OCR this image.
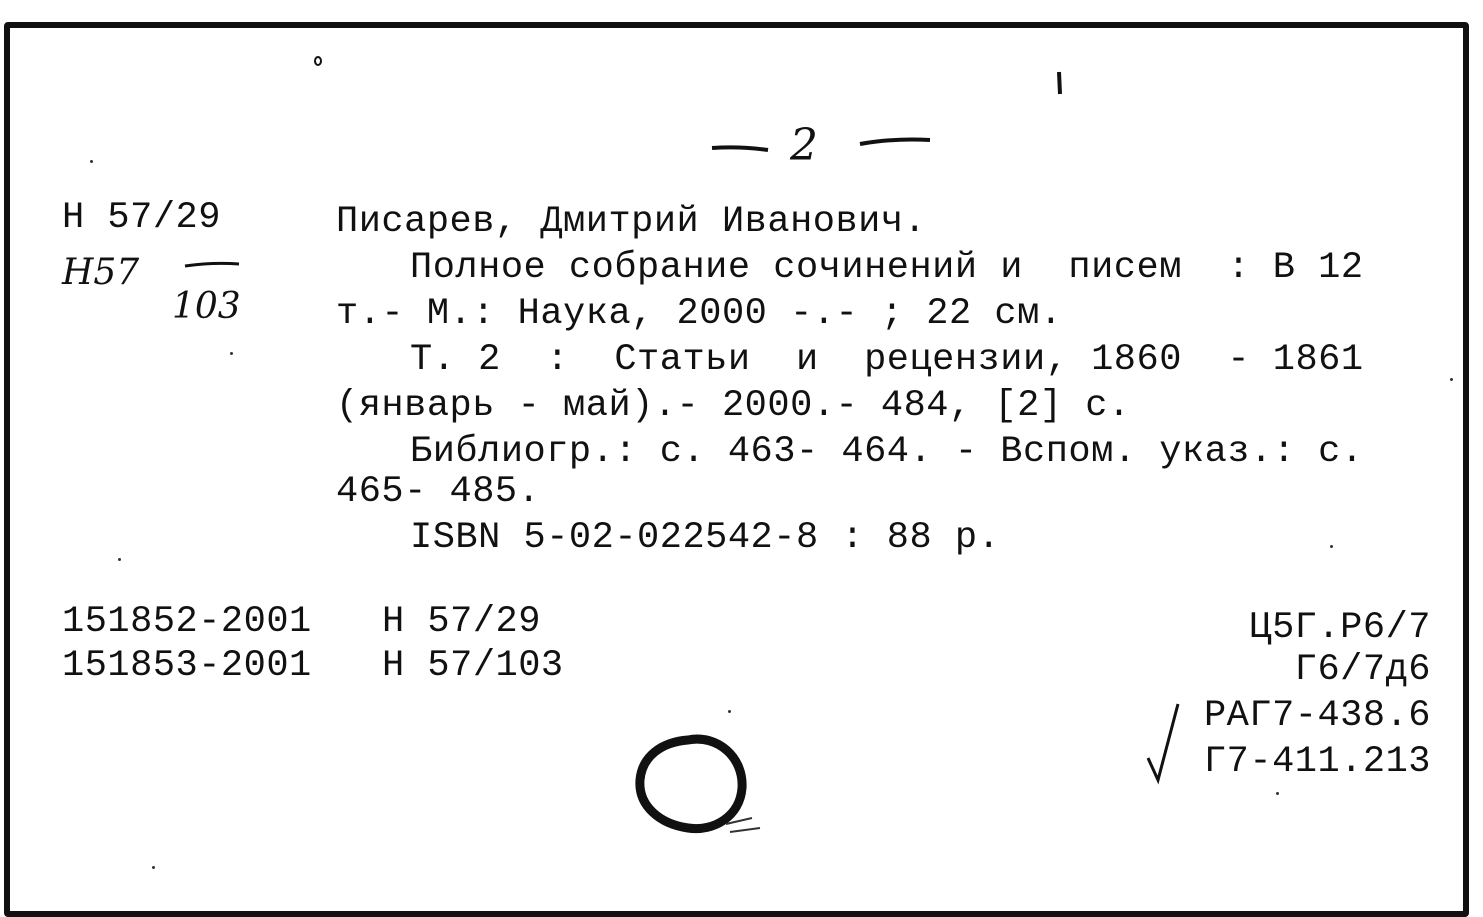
2
Н 57/29
Н57
103
Писарев, Дмитрий Иванович.
Полное собрание сочинений и  писем  : В 12
т.- М.: Наука, 2000 -.- ; 22 см.
Т. 2  :  Статьи  и  рецензии, 1860  - 1861
(январь - май).- 2000.- 484, [2] с.
Библиогр.: с. 463- 464. - Вспом. указ.: с.
465- 485.
ISBN 5-02-022542-8 : 88 р.
151852-2001 Н 57/29
151853-2001 Н 57/103
Ц5Г.Р6/7
Г6/7д6
РАГ7-438.6
Г7-411.213
